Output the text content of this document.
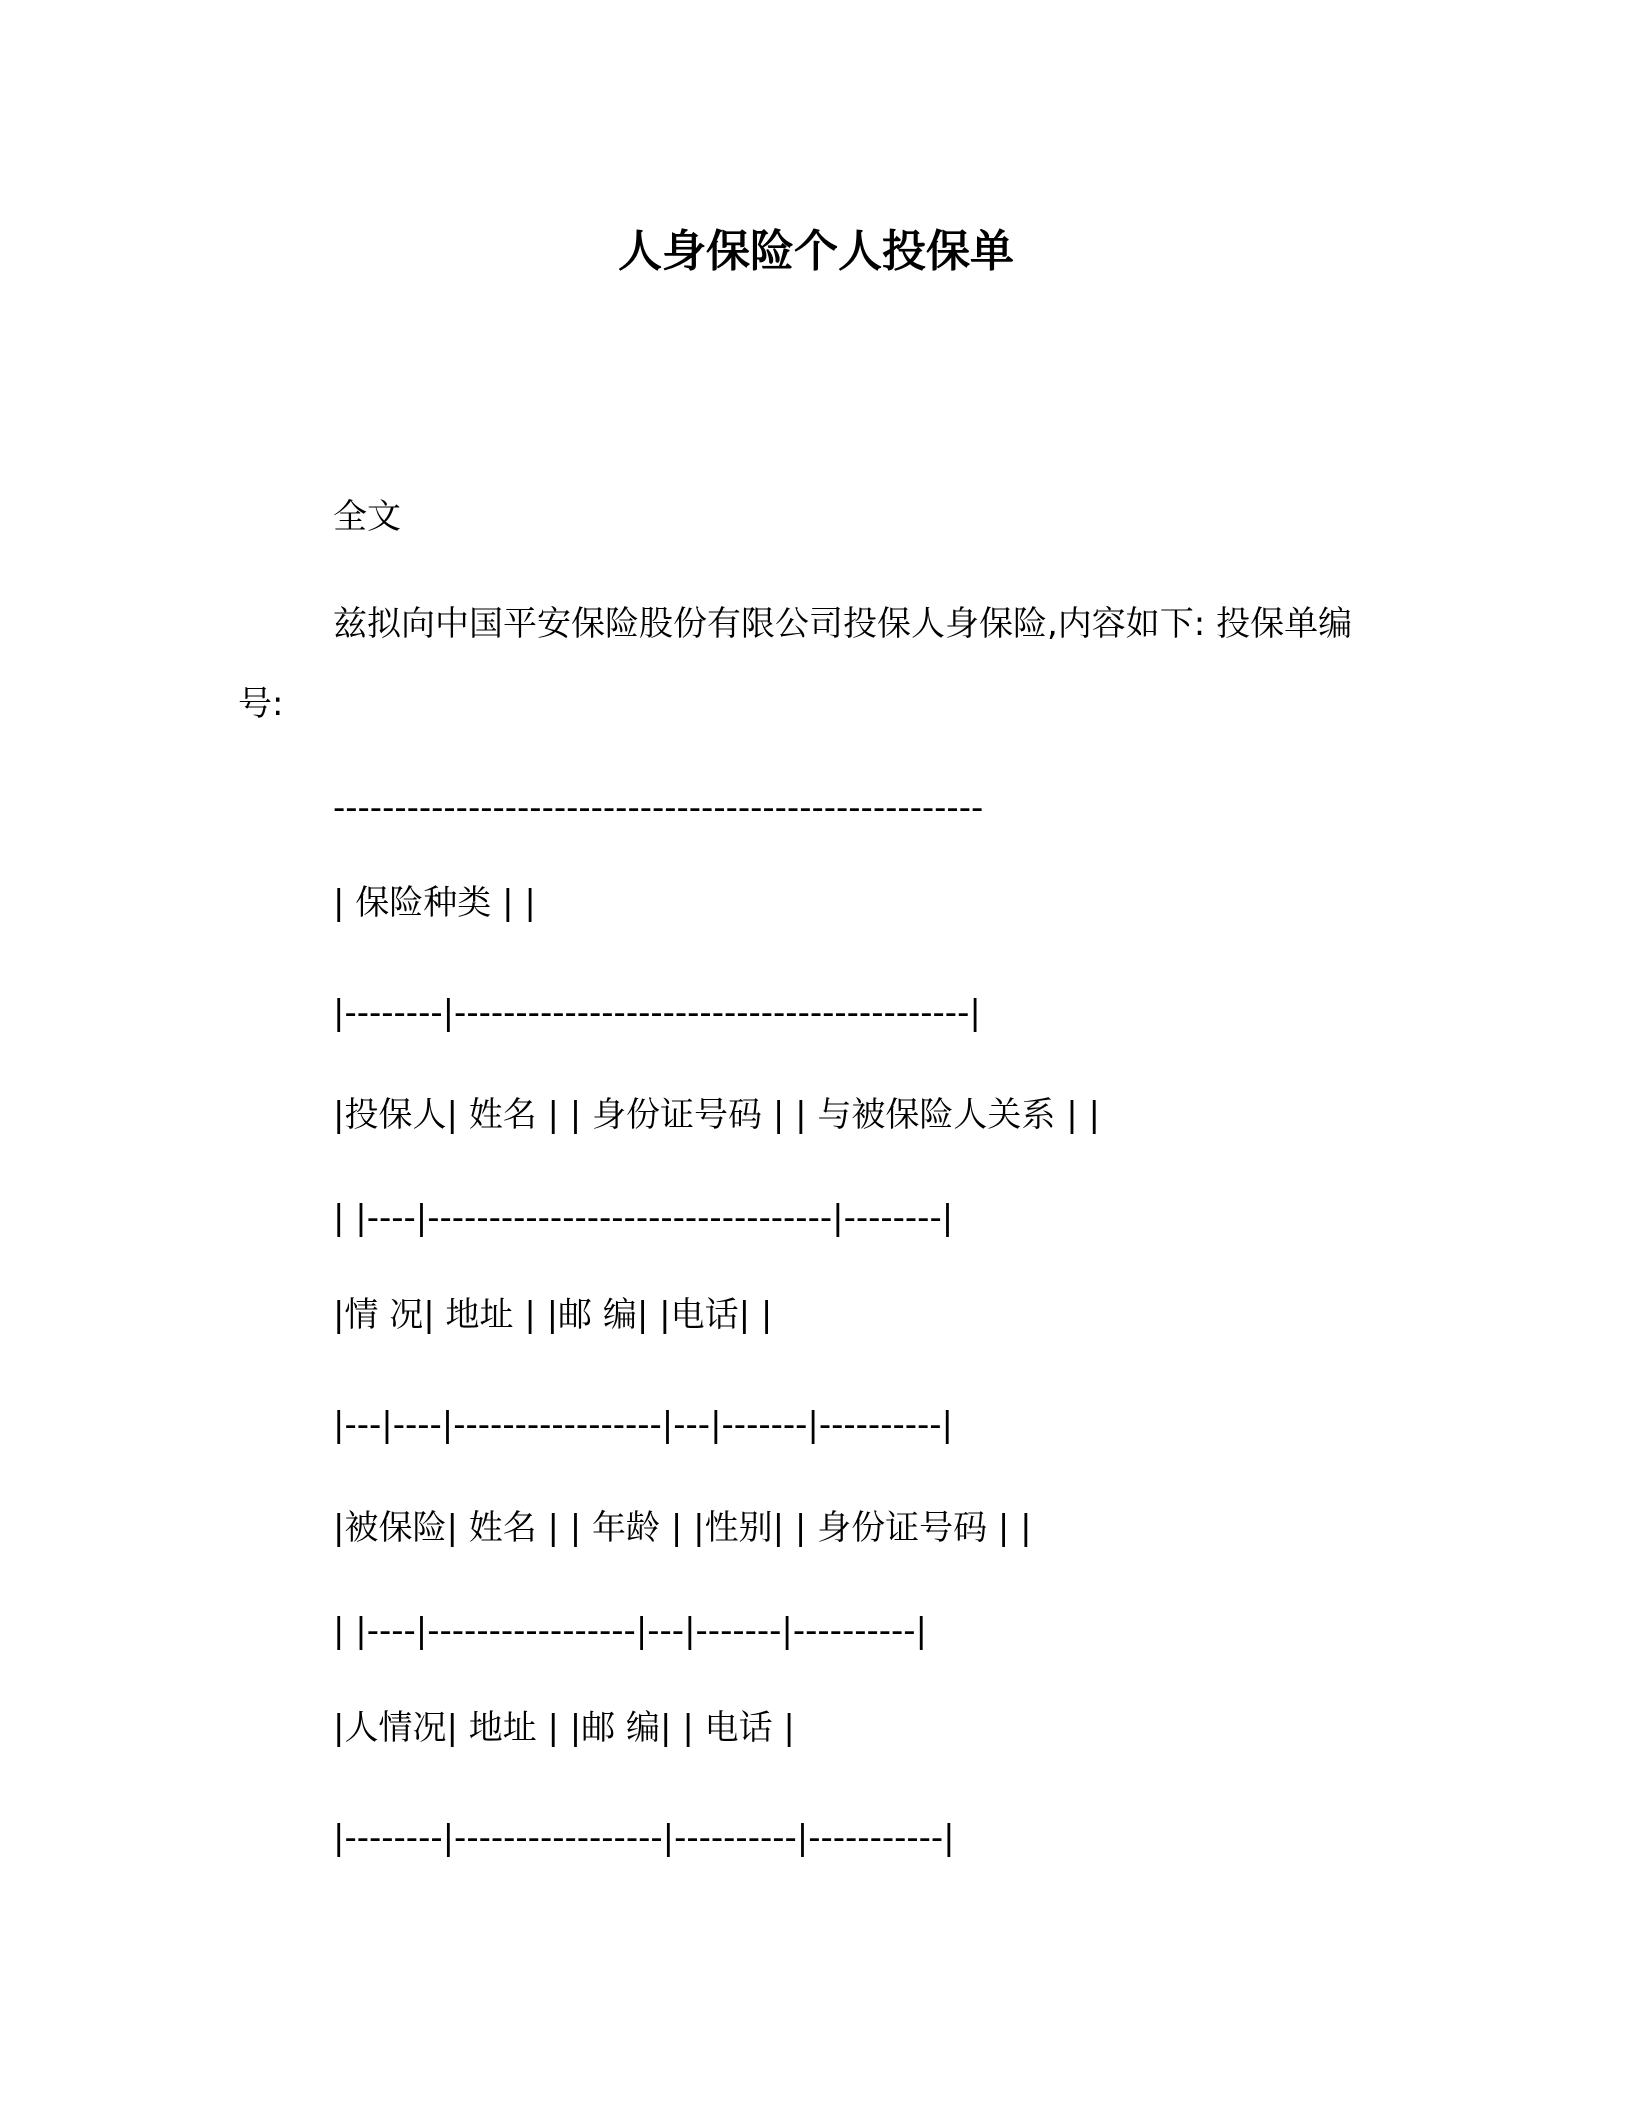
人身保险个人投保单
全文
兹拟向中国平安保险股份有限公司投保人身保险,内容如下: 投保单编号:
-----------------------------------------------------
| 保险种类 | |
|--------|------------------------------------------|
|投保人| 姓名 | | 身份证号码 | | 与被保险人关系 | |
| |----|---------------------------------|--------|
|情 况| 地址 | |邮 编| |电话| |
|---|----|-----------------|---|-------|----------|
|被保险| 姓名 | | 年龄 | |性别| | 身份证号码 | |
| |----|-----------------|---|-------|----------|
|人情况| 地址 | |邮 编| | 电话 |
|--------|-----------------|----------|-----------|
